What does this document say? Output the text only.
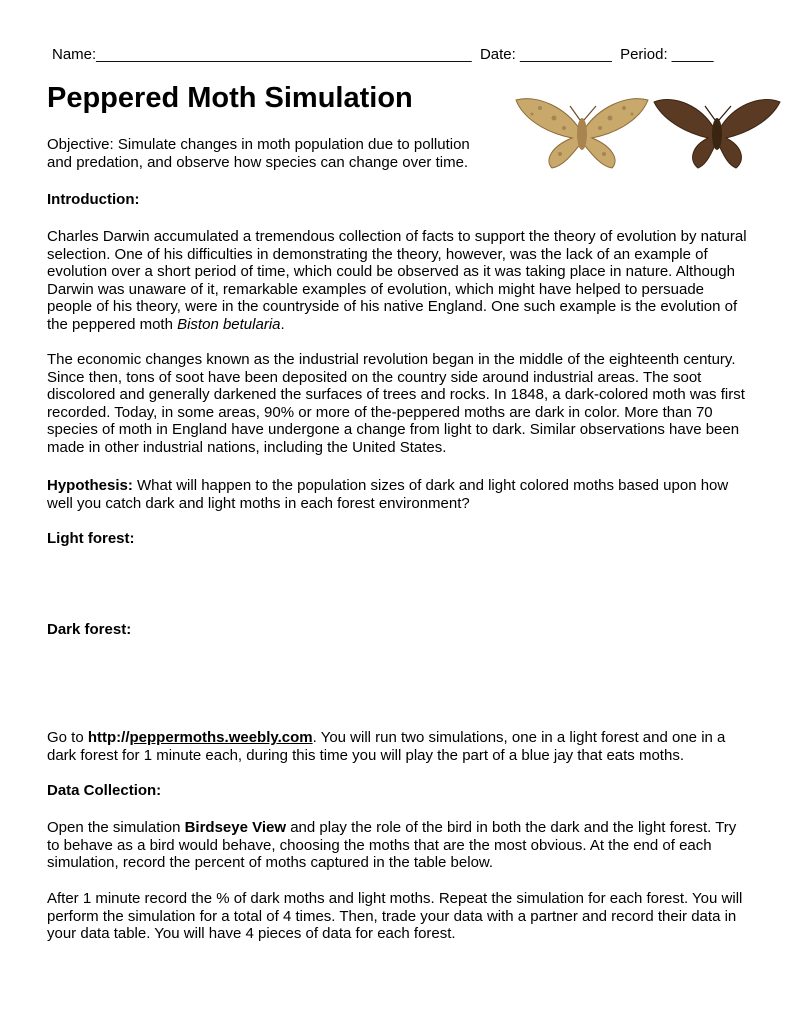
Name:_____________________________________________ Date: ___________ Period: _____
Peppered Moth Simulation
Objective: Simulate changes in moth population due to pollution and predation, and observe how species can change over time.
Introduction:

Charles Darwin accumulated a tremendous collection of facts to support the theory of evolution by natural selection. One of his difficulties in demonstrating the theory, however, was the lack of an example of evolution over a short period of time, which could be observed as it was taking place in nature. Although Darwin was unaware of it, remarkable examples of evolution, which might have helped to persuade people of his theory, were in the countryside of his native England. One such example is the evolution of the peppered moth Biston betularia.

The economic changes known as the industrial revolution began in the middle of the eighteenth century. Since then, tons of soot have been deposited on the country side around industrial areas. The soot discolored and generally darkened the surfaces of trees and rocks. In 1848, a dark-colored moth was first recorded. Today, in some areas, 90% or more of the-peppered moths are dark in color. More than 70 species of moth in England have undergone a change from light to dark. Similar observations have been made in other industrial nations, including the United States.

Hypothesis: What will happen to the population sizes of dark and light colored moths based upon how well you catch dark and light moths in each forest environment?

Light forest:
Dark forest:

Go to http://peppermoths.weebly.com. You will run two simulations, one in a light forest and one in a dark forest for 1 minute each, during this time you will play the part of a blue jay that eats moths.

Data Collection:

Open the simulation Birdseye View and play the role of the bird in both the dark and the light forest. Try to behave as a bird would behave, choosing the moths that are the most obvious. At the end of each simulation, record the percent of moths captured in the table below.

After 1 minute record the % of dark moths and light moths. Repeat the simulation for each forest. You will perform the simulation for a total of 4 times. Then, trade your data with a partner and record their data in your data table. You will have 4 pieces of data for each forest.
